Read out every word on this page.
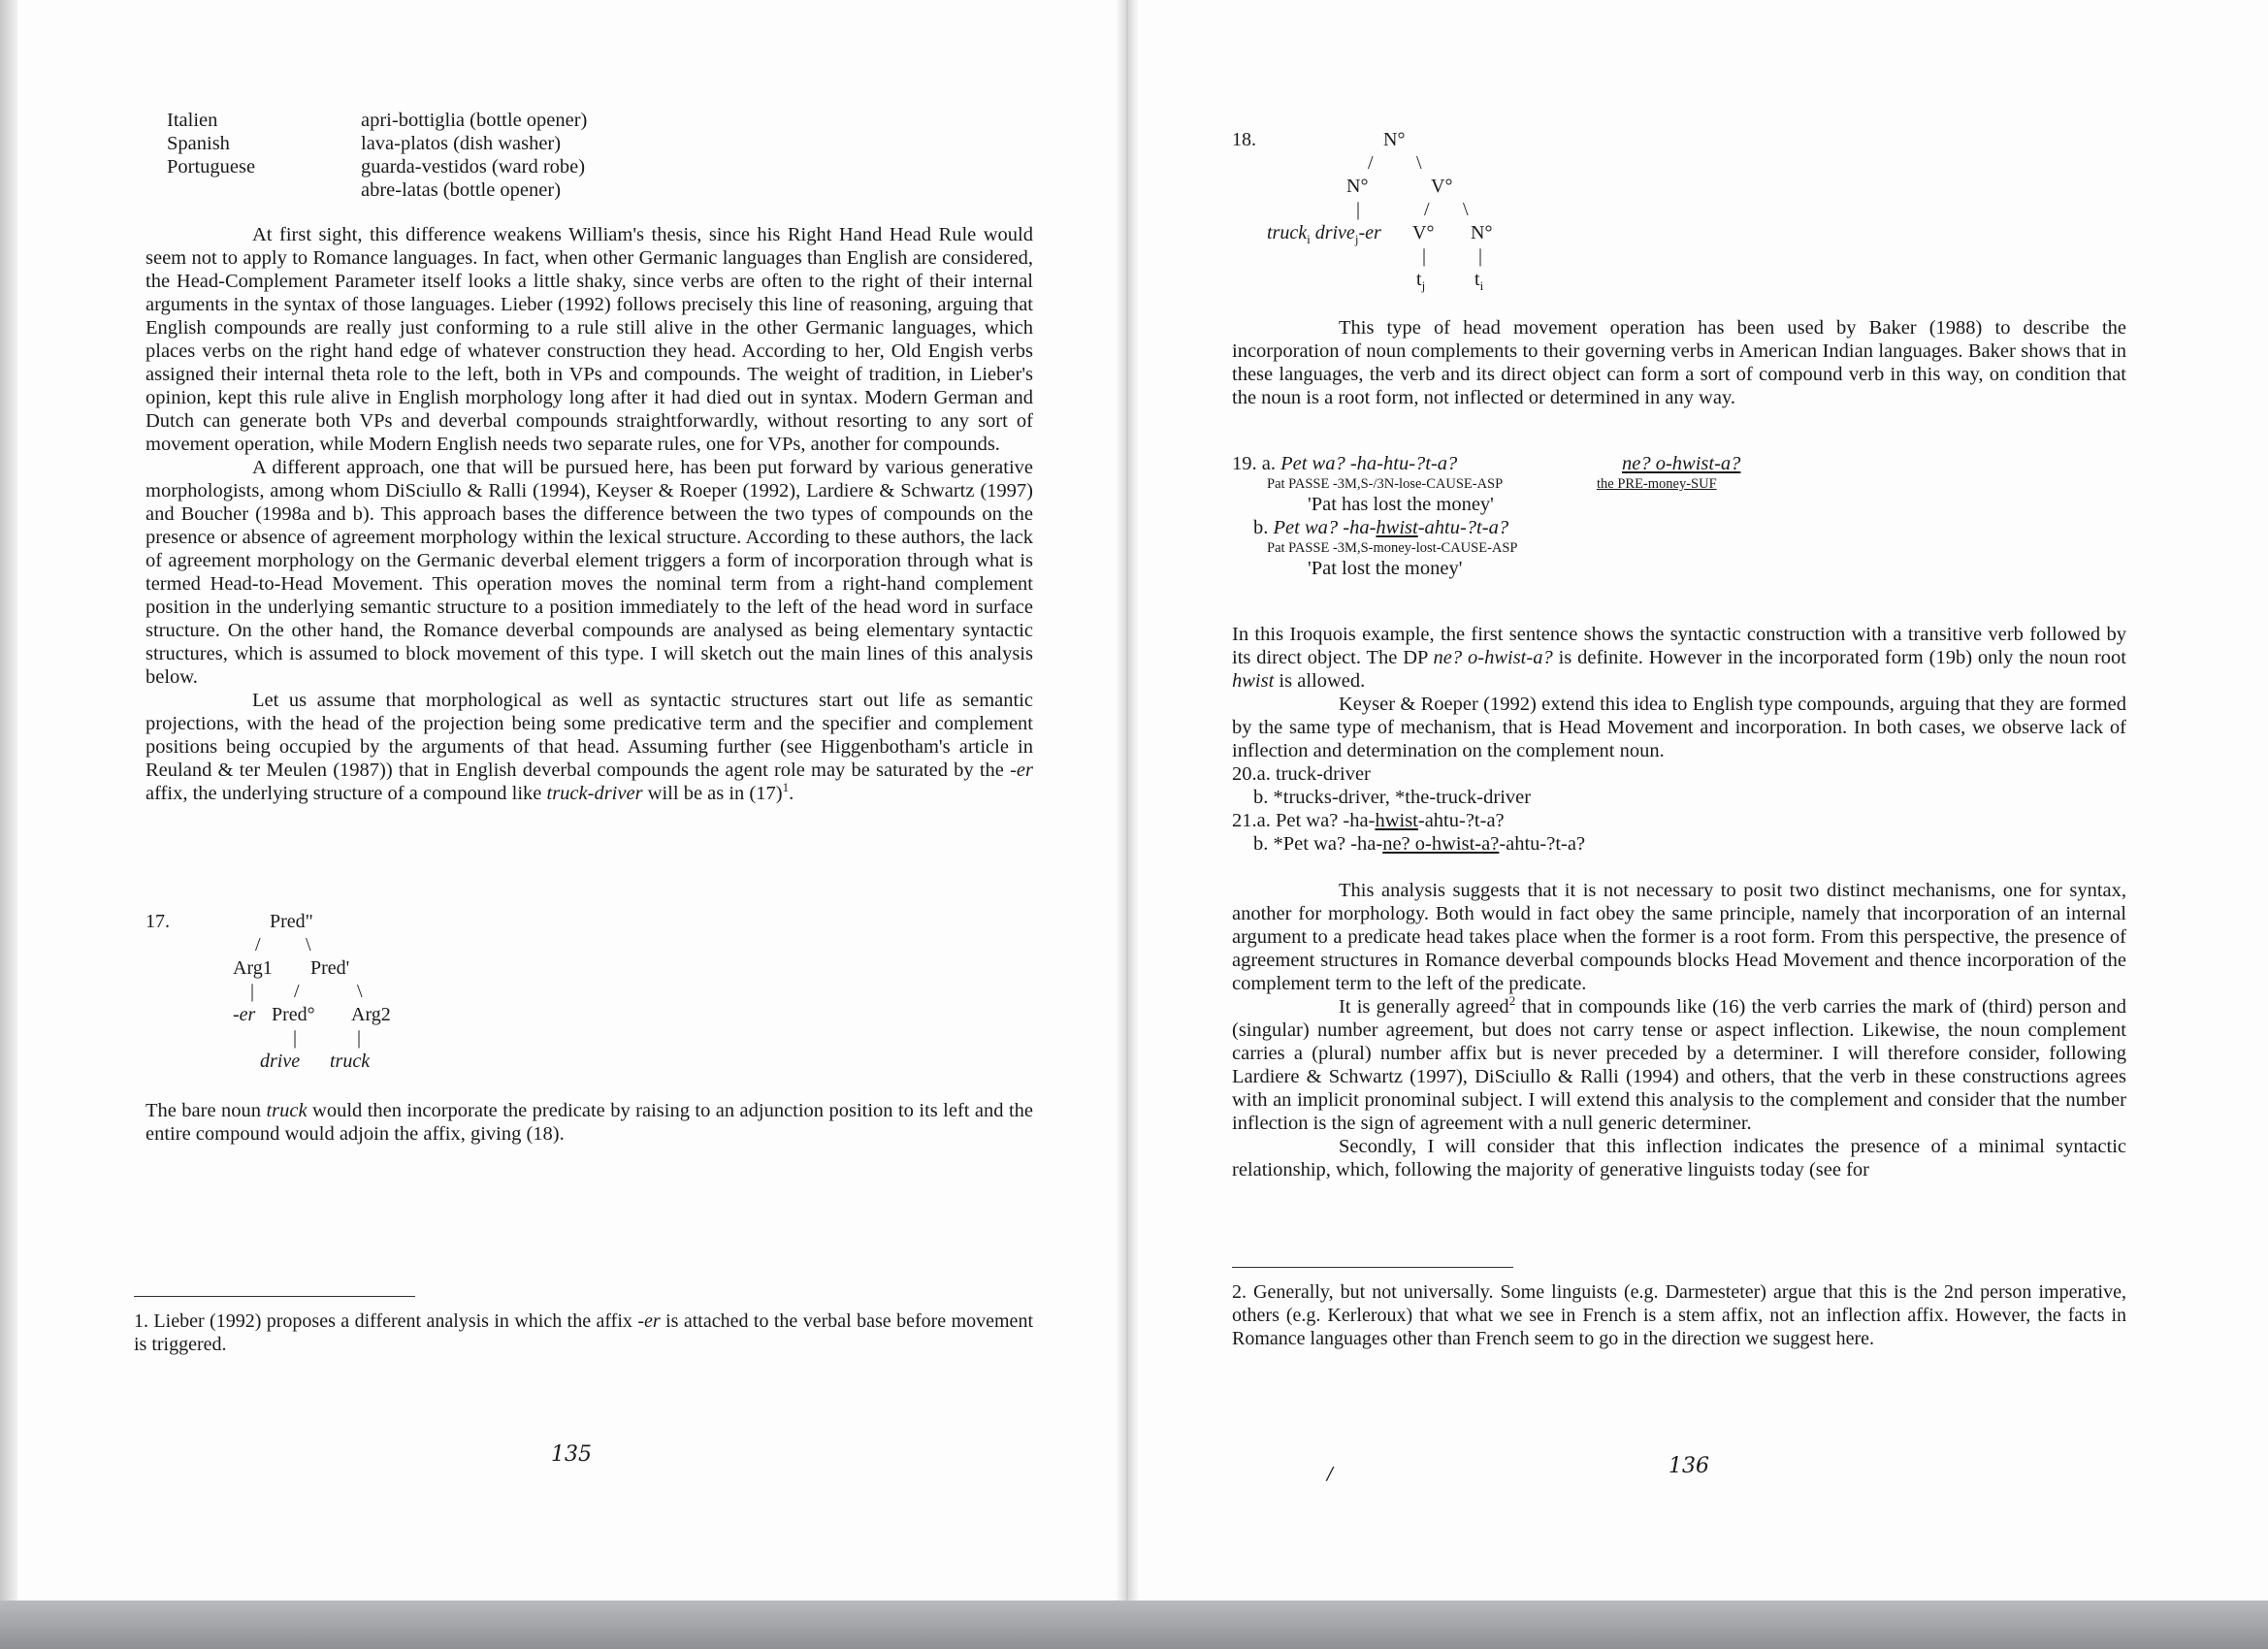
Italien	apri-bottiglia (bottle opener)
Spanish	lava-platos (dish washer)
Portuguese	guarda-vestidos (ward robe)
abre-latas (bottle opener)

At first sight, this difference weakens William's thesis, since his Right Hand Head Rule would seem not to apply to Romance languages. In fact, when other Germanic languages than English are considered, the Head-Complement Parameter itself looks a little shaky, since verbs are often to the right of their internal arguments in the syntax of those languages. Lieber (1992) follows precisely this line of reasoning, arguing that English compounds are really just conforming to a rule still alive in the other Germanic languages, which places verbs on the right hand edge of whatever construction they head. According to her, Old Engish verbs assigned their internal theta role to the left, both in VPs and compounds. The weight of tradition, in Lieber's opinion, kept this rule alive in English morphology long after it had died out in syntax. Modern German and Dutch can generate both VPs and deverbal compounds straightforwardly, without resorting to any sort of movement operation, while Modern English needs two separate rules, one for VPs, another for compounds.

A different approach, one that will be pursued here, has been put forward by various generative morphologists, among whom DiSciullo & Ralli (1994), Keyser & Roeper (1992), Lardiere & Schwartz (1997) and Boucher (1998a and b). This approach bases the difference between the two types of compounds on the presence or absence of agreement morphology within the lexical structure. According to these authors, the lack of agreement morphology on the Germanic deverbal element triggers a form of incorporation through what is termed Head-to-Head Movement. This operation moves the nominal term from a right-hand complement position in the underlying semantic structure to a position immediately to the left of the head word in surface structure. On the other hand, the Romance deverbal compounds are analysed as being elementary syntactic structures, which is assumed to block movement of this type. I will sketch out the main lines of this analysis below.

Let us assume that morphological as well as syntactic structures start out life as semantic projections, with the head of the projection being some predicative term and the specifier and complement positions being occupied by the arguments of that head. Assuming further (see Higgenbotham's article in Reuland & ter Meulen (1987)) that in English deverbal compounds the agent role may be saturated by the -er affix, the underlying structure of a compound like truck-driver will be as in $(17)^1$.

17.	Pred"
/ \
Arg1 Pred'
| /	\
-er Pred° Arg2
|	|
drive truck

The bare noun truck would then incorporate the predicate by raising to an adjunction position to its left and the entire compound would adjoin the affix, giving (18).

1. Lieber (1992) proposes a different analysis in which the affix -er is attached to the verbal base before movement is triggered.

135
18.	N°
/ \
N°	V°
|	/ \
truck$_i$ drive$_j$-er V° N°
|	|
$t_j$	$t_i$

This type of head movement operation has been used by Baker (1988) to describe the incorporation of noun complements to their governing verbs in American Indian languages. Baker shows that in these languages, the verb and its direct object can form a sort of compound verb in this way, on condition that the noun is a root form, not inflected or determined in any way.

19. a. Pet wa? -ha-htu-?t-a?	ne? o-hwist-a?
Pat PASSE -3M,S-/3N-lose-CAUSE-ASP	the PRE-money-SUF
'Pat has lost the money'
b. Pet wa? -ha-hwist-ahtu-?t-a?
Pat PASSE -3M,S-money-lost-CAUSE-ASP
'Pat lost the money'

In this Iroquois example, the first sentence shows the syntactic construction with a transitive verb followed by its direct object. The DP ne? o-hwist-a? is definite. However in the incorporated form (19b) only the noun root hwist is allowed.

Keyser & Roeper (1992) extend this idea to English type compounds, arguing that they are formed by the same type of mechanism, that is Head Movement and incorporation. In both cases, we observe lack of inflection and determination on the complement noun.

20.a. truck-driver
b. *trucks-driver, *the-truck-driver
21.a. Pet wa? -ha-hwist-ahtu-?t-a?
b. *Pet wa? -ha-ne? o-hwist-a?-ahtu-?t-a?

This analysis suggests that it is not necessary to posit two distinct mechanisms, one for syntax, another for morphology. Both would in fact obey the same principle, namely that incorporation of an internal argument to a predicate head takes place when the former is a root form. From this perspective, the presence of agreement structures in Romance deverbal compounds blocks Head Movement and thence incorporation of the complement term to the left of the predicate.

It is generally agreed$^2$ that in compounds like (16) the verb carries the mark of (third) person and (singular) number agreement, but does not carry tense or aspect inflection. Likewise, the noun complement carries a (plural) number affix but is never preceded by a determiner. I will therefore consider, following Lardiere & Schwartz (1997), DiSciullo & Ralli (1994) and others, that the verb in these constructions agrees with an implicit pronominal subject. I will extend this analysis to the complement and consider that the number inflection is the sign of agreement with a null generic determiner.

Secondly, I will consider that this inflection indicates the presence of a minimal syntactic relationship, which, following the majority of generative linguists today (see for

2. Generally, but not universally. Some linguists (e.g. Darmesteter) argue that this is the 2nd person imperative, others (e.g. Kerleroux) that what we see in French is a stem affix, not an inflection affix. However, the facts in Romance languages other than French seem to go in the direction we suggest here.

/	136
